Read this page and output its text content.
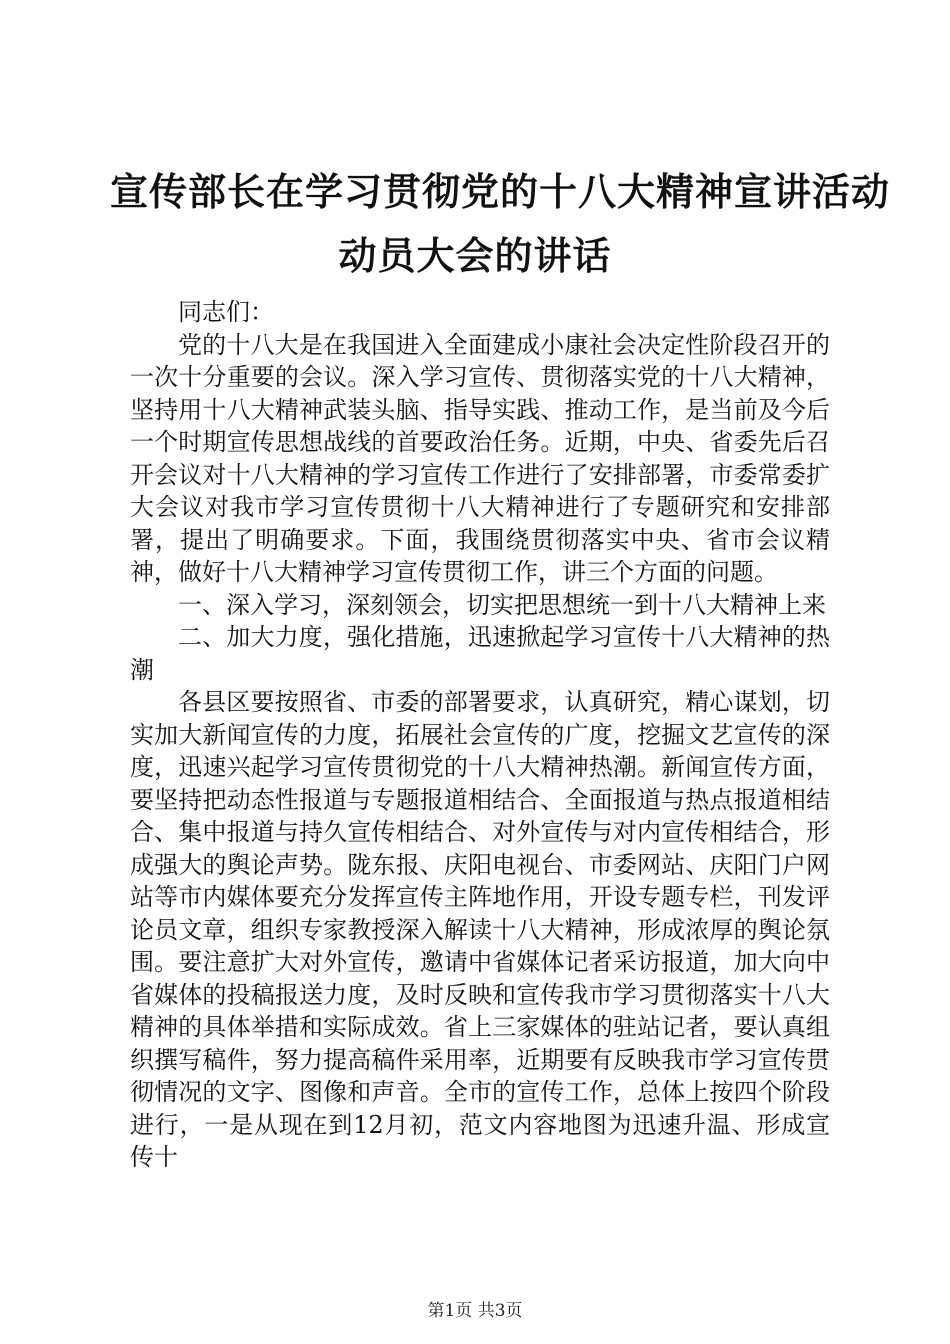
宣传部长在学习贯彻党的十八大精神宣讲活动
动员大会的讲话

同志们：

党的十八大是在我国进入全面建成小康社会决定性阶段召开的一次十分重要的会议。深入学习宣传、贯彻落实党的十八大精神，坚持用十八大精神武装头脑、指导实践、推动工作，是当前及今后一个时期宣传思想战线的首要政治任务。近期，中央、省委先后召开会议对十八大精神的学习宣传工作进行了安排部署，市委常委扩大会议对我市学习宣传贯彻十八大精神进行了专题研究和安排部署，提出了明确要求。下面，我围绕贯彻落实中央、省市会议精神，做好十八大精神学习宣传贯彻工作，讲三个方面的问题。

一、深入学习，深刻领会，切实把思想统一到十八大精神上来

二、加大力度，强化措施，迅速掀起学习宣传十八大精神的热潮

各县区要按照省、市委的部署要求，认真研究，精心谋划，切实加大新闻宣传的力度，拓展社会宣传的广度，挖掘文艺宣传的深度，迅速兴起学习宣传贯彻党的十八大精神热潮。新闻宣传方面，要坚持把动态性报道与专题报道相结合、全面报道与热点报道相结合、集中报道与持久宣传相结合、对外宣传与对内宣传相结合，形成强大的舆论声势。陇东报、庆阳电视台、市委网站、庆阳门户网站等市内媒体要充分发挥宣传主阵地作用，开设专题专栏，刊发评论员文章，组织专家教授深入解读十八大精神，形成浓厚的舆论氛围。要注意扩大对外宣传，邀请中省媒体记者采访报道，加大向中省媒体的投稿报送力度，及时反映和宣传我市学习贯彻落实十八大精神的具体举措和实际成效。省上三家媒体的驻站记者，要认真组织撰写稿件，努力提高稿件采用率，近期要有反映我市学习宣传贯彻情况的文字、图像和声音。全市的宣传工作，总体上按四个阶段进行，一是从现在到12月初，范文内容地图为迅速升温、形成宣传十

第1页 共3页
